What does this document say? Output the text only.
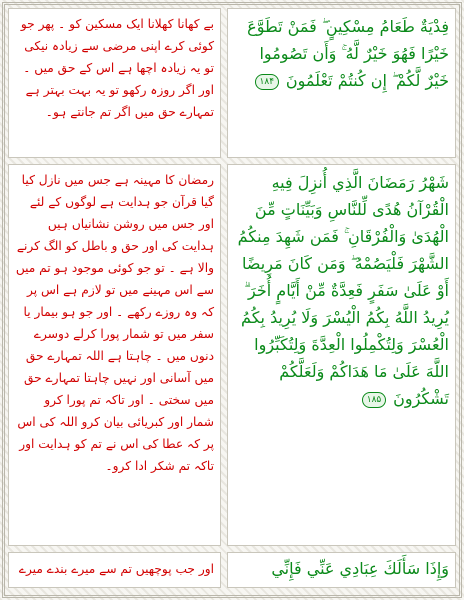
بے کھانا کھلانا ایک مسکین کو ۔ پھر جو کوئی کرے اپنی مرضی سے زیادہ نیکی تو یہ زیادہ اچھا ہے اس کے حق میں ۔ اور اگر روزہ رکھو تو یہ بہت بہتر ہے تمہارے حق میں اگر تم جانتے ہو۔
فِدْيَةٌ طَعَامُ مِسْكِينٍ ۖ فَمَنْ تَطَوَّعَ خَيْرًا فَهُوَ خَيْرٌ لَّهُ ۚ وَأَن تَصُومُوا خَيْرٌ لَّكُمْ ۖ إِن كُنتُمْ تَعْلَمُونَ ۱۸۴
رمضان کا مہینہ ہے جس میں نازل کیا گیا قرآن جو ہدایت ہے لوگوں کے لئے اور جس میں روشن نشانیاں ہیں ہدایت کی اور حق و باطل کو الگ کرنے والا ہے ۔ تو جو کوئی موجود ہو تم میں سے اس مہینے میں تو لازم ہے اس پر کہ وہ روزے رکھے ۔ اور جو ہو بیمار یا سفر میں تو شمار پورا کرلے دوسرے دنوں میں ۔ چاہتا ہے اللہ تمہارے حق میں آسانی اور نہیں چاہتا تمہارے حق میں سختی ۔ اور تاکہ تم پورا کرو شمار اور کبریائی بیان کرو اللہ کی اس پر کہ عطا کی اس نے تم کو ہدایت اور تاکہ تم شکر ادا کرو۔
شَهْرُ رَمَضَانَ الَّذِي أُنزِلَ فِيهِ الْقُرْآنُ هُدًى لِّلنَّاسِ وَبَيِّنَاتٍ مِّنَ الْهُدَىٰ وَالْفُرْقَانِ ۚ فَمَن شَهِدَ مِنكُمُ الشَّهْرَ فَلْيَصُمْهُ ۖ وَمَن كَانَ مَرِيضًا أَوْ عَلَىٰ سَفَرٍ فَعِدَّةٌ مِّنْ أَيَّامٍ أُخَرَ ۗ يُرِيدُ اللَّهُ بِكُمُ الْيُسْرَ وَلَا يُرِيدُ بِكُمُ الْعُسْرَ وَلِتُكْمِلُوا الْعِدَّةَ وَلِتُكَبِّرُوا اللَّهَ عَلَىٰ مَا هَدَاكُمْ وَلَعَلَّكُمْ تَشْكُرُونَ ۱۸۵
اور جب پوچھیں تم سے میرے بندے میرے	وَإِذَا سَأَلَكَ عِبَادِي عَنِّي فَإِنِّي
